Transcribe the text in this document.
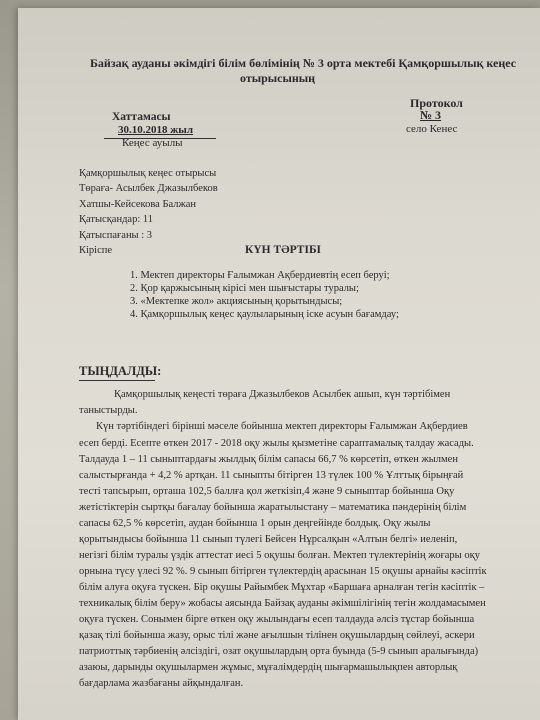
Байзақ ауданы әкімдігі білім бөлімінің № 3 орта мектебі Қамқоршылық кеңес
отырысының
Хаттамасы
30.10.2018 жыл
Кеңес ауылы
Протокол
№ 3
село Кенес
Қамқоршылық кеңес отырысы
Төраға- Асылбек Джазылбеков
Хатшы-Кейсекова Балжан
Қатысқандар: 11
Қатыспағаны : 3
Кіріспе	КҮН ТӘРТІБІ
1. Мектеп директоры Ғалымжан Ақбердиевтің есеп беруі;
2. Қор қаржысының кірісі мен шығыстары туралы;
3. «Мектепке жол» акциясының қорытындысы;
4. Қамқоршылық кеңес қаулыларының іске асуын бағамдау;
ТЫҢДАЛДЫ:
Қамқоршылық кеңесті төраға Джазылбеков Асылбек ашып, күн тәртібімен
таныстырды.
Күн тәртібіндегі бірінші мәселе бойынша мектеп директоры Ғалымжан Ақбердиев
есеп берді. Есепте өткен 2017 - 2018 оқу жылы қызметіне сараптамалық талдау жасады.
Талдауда 1 – 11 сыныптардағы жылдық білім сапасы 66,7 % көрсетіп, өткен жылмен
салыстырғанда + 4,2 % артқан. 11 сыныпты бітірген 13 түлек 100 % Ұлттық бірыңғай
тесті тапсырып, орташа 102,5 баллға қол жеткізіп,4 және 9 сыныптар бойынша Оқу
жетістіктерін сыртқы бағалау бойынша жаратылыстану – математика пәндерінің білім
сапасы 62,5 % көрсетіп, аудан бойынша 1 орын деңгейінде болдық. Оқу жылы
қорытындысы бойынша 11 сынып түлегі Бейсен Нұрсалқын «Алтын белгі» иеленіп,
негізгі білім туралы үздік аттестат иесі 5 оқушы болған. Мектеп түлектерінің жоғары оқу
орнына түсу үлесі 92 %. 9 сынып бітірген түлектердің арасынан 15 оқушы арнайы кәсіптік
білім алуға оқуға түскен. Бір оқушы Райымбек Мұхтар «Баршаға арналған тегін кәсіптік –
техникалық білім беру» жобасы аясында Байзақ ауданы әкімшілігінің тегін жолдамасымен
оқуға түскен. Сонымен бірге өткен оқу жылындағы есеп талдауда әлсіз тұстар бойынша
қазақ тілі бойынша жазу, орыс тілі және ағылшын тілінен оқушылардың сөйлеуі, әскери
патриоттық тәрбиенің әлсіздігі, озат оқушылардың орта буында (5-9 сынып аралығында)
азаюы, дарынды оқушылармен жұмыс, мұғалімдердің шығармашылықпен авторлық
бағдарлама жазбағаны айқындалған.
